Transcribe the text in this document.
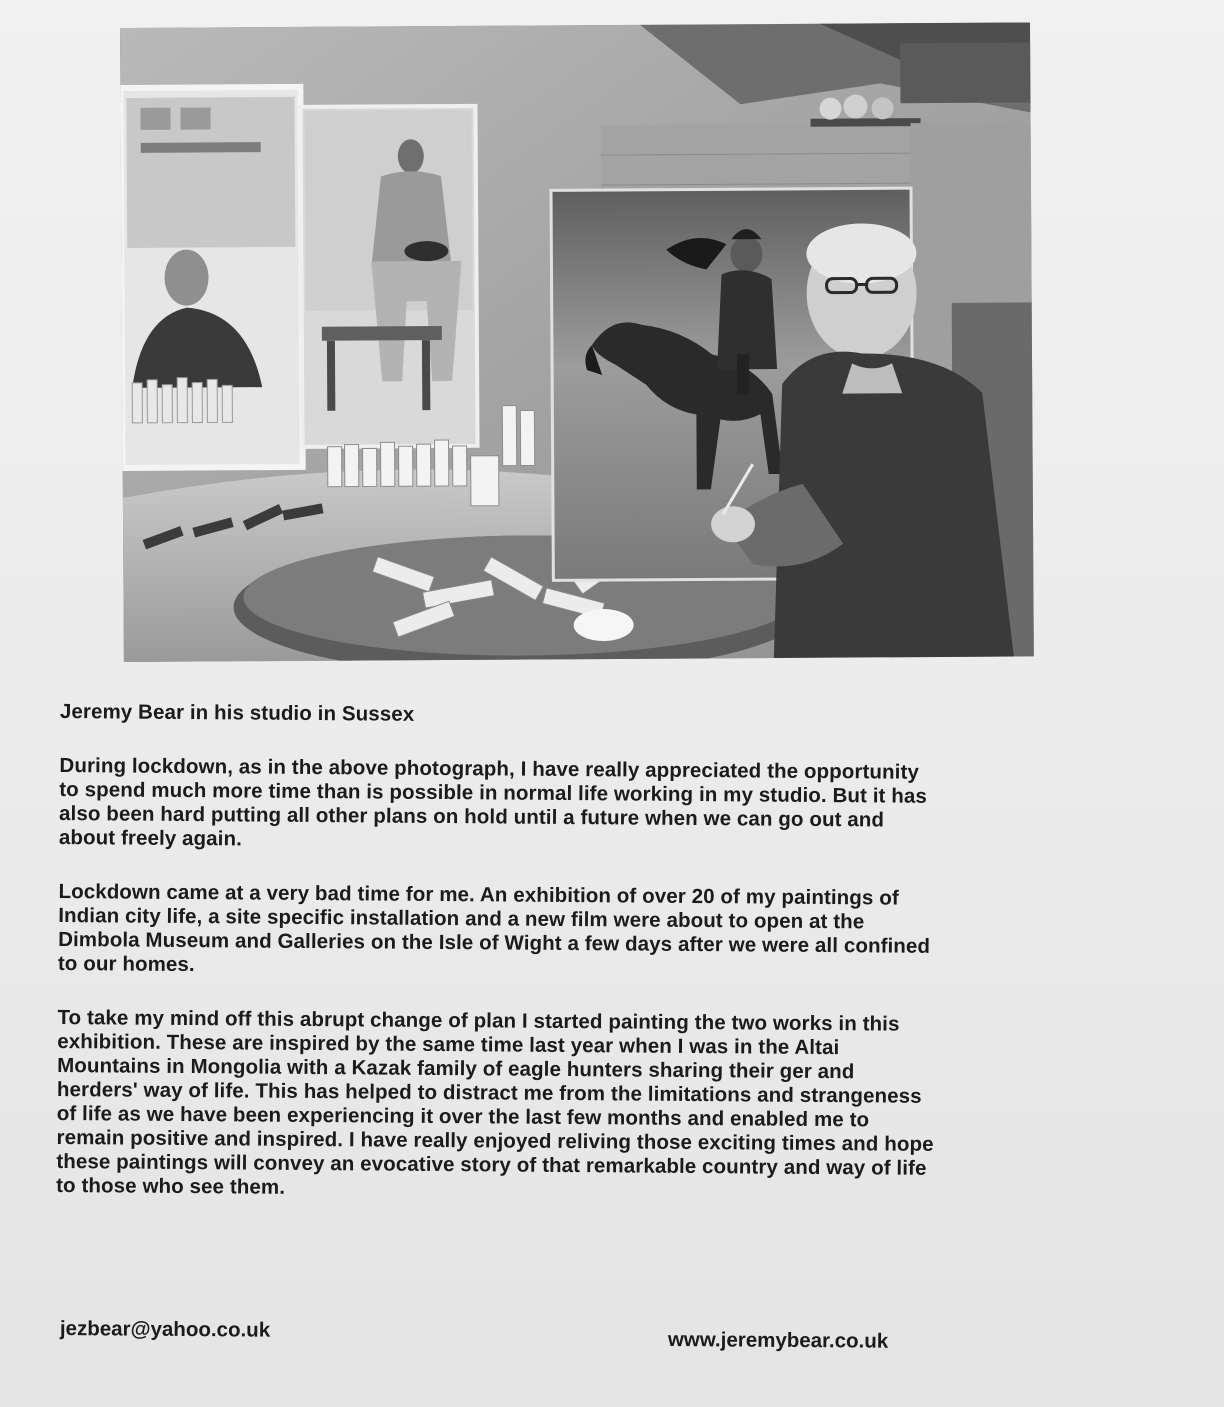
Jeremy Bear in his studio in Sussex

During lockdown, as in the above photograph, I have really appreciated the opportunity
to spend much more time than is possible in normal life working in my studio. But it has
also been hard putting all other plans on hold until a future when we can go out and
about freely again.

Lockdown came at a very bad time for me. An exhibition of over 20 of my paintings of
Indian city life, a site specific installation and a new film were about to open at the
Dimbola Museum and Galleries on the Isle of Wight a few days after we were all confined
to our homes.

To take my mind off this abrupt change of plan I started painting the two works in this
exhibition. These are inspired by the same time last year when I was in the Altai
Mountains in Mongolia with a Kazak family of eagle hunters sharing their ger and
herders' way of life. This has helped to distract me from the limitations and strangeness
of life as we have been experiencing it over the last few months and enabled me to
remain positive and inspired. I have really enjoyed reliving those exciting times and hope
these paintings will convey an evocative story of that remarkable country and way of life
to those who see them.

jezbear@yahoo.co.uk	www.jeremybear.co.uk
